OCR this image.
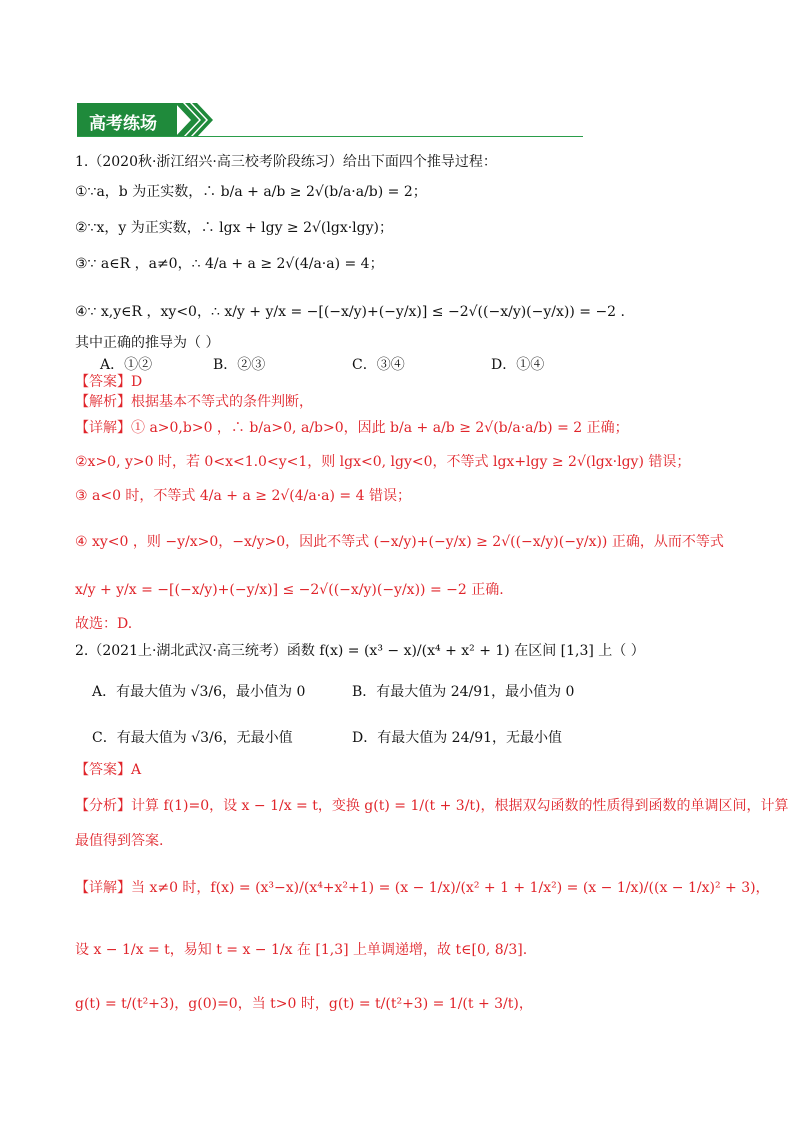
高考练场
1.（2020秋·浙江绍兴·高三校考阶段练习）给出下面四个推导过程：
①∵a，b 为正实数，∴ b/a + a/b ≥ 2√(b/a·a/b) = 2；
②∵x，y 为正实数，∴ lgx + lgy ≥ 2√(lgx·lgy)；
③∵ a∈R ，a≠0，∴ 4/a + a ≥ 2√(4/a·a) = 4；
④∵ x,y∈R ，xy<0，∴ x/y + y/x = −[(−x/y)+(−y/x)] ≤ −2√((−x/y)(−y/x)) = −2 .
其中正确的推导为（ ）
A．①②	B．②③	C．③④	D．①④
【答案】D
【解析】根据基本不等式的条件判断，
【详解】① a>0,b>0 ，∴ b/a>0, a/b>0，因此 b/a + a/b ≥ 2√(b/a·a/b) = 2 正确；
②x>0, y>0 时，若 0<x<1.0<y<1，则 lgx<0, lgy<0，不等式 lgx+lgy ≥ 2√(lgx·lgy) 错误；
③ a<0 时，不等式 4/a + a ≥ 2√(4/a·a) = 4 错误；
④ xy<0 ，则 −y/x>0，−x/y>0，因此不等式 (−x/y)+(−y/x) ≥ 2√((−x/y)(−y/x)) 正确，从而不等式
x/y + y/x = −[(−x/y)+(−y/x)] ≤ −2√((−x/y)(−y/x)) = −2 正确.
故选：D.
2.（2021上·湖北武汉·高三统考）函数 f(x) = (x³ − x)/(x⁴ + x² + 1) 在区间 [1,3] 上（ ）
A．有最大值为 √3/6，最小值为 0	B．有最大值为 24/91，最小值为 0
C．有最大值为 √3/6，无最小值	D．有最大值为 24/91，无最小值
【答案】A
【分析】计算 f(1)=0，设 x − 1/x = t，变换 g(t) = 1/(t + 3/t)，根据双勾函数的性质得到函数的单调区间，计算
最值得到答案.
【详解】当 x≠0 时，f(x) = (x³−x)/(x⁴+x²+1) = (x − 1/x)/(x² + 1 + 1/x²) = (x − 1/x)/((x − 1/x)² + 3)，
设 x − 1/x = t，易知 t = x − 1/x 在 [1,3] 上单调递增，故 t∈[0, 8/3].
g(t) = t/(t²+3)，g(0)=0，当 t>0 时，g(t) = t/(t²+3) = 1/(t + 3/t)，
